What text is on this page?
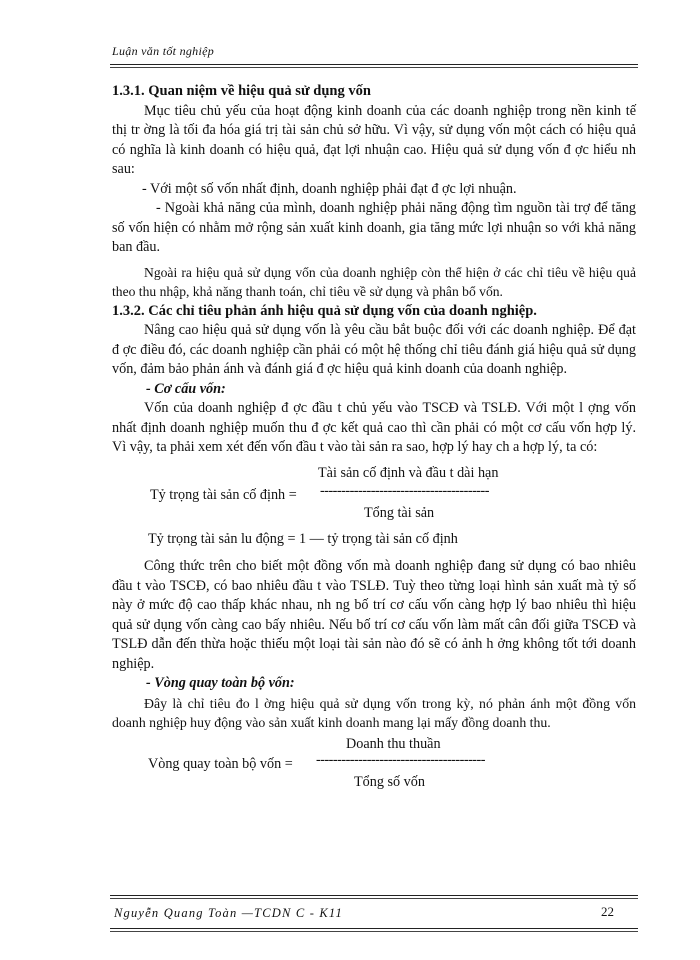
Luận văn tốt nghiệp

1.3.1. Quan niệm về hiệu quả sử dụng vốn

Mục tiêu chủ yếu của hoạt động kinh doanh của các doanh nghiệp trong nền kinh tế thị tr ờng là tối đa hóa giá trị tài sản chủ sở hữu. Vì vậy, sử dụng vốn một cách có hiệu quả có nghĩa là kinh doanh có hiệu quả, đạt lợi nhuận cao. Hiệu quả sử dụng vốn đ ợc hiểu nh sau:

- Với một số vốn nhất định, doanh nghiệp phải đạt đ ợc lợi nhuận.

- Ngoài khả năng của mình, doanh nghiệp phải năng động tìm nguồn tài trợ để tăng số vốn hiện có nhằm mở rộng sản xuất kinh doanh, gia tăng mức lợi nhuận so với khả năng ban đầu.

Ngoài ra hiệu quả sử dụng vốn của doanh nghiệp còn thể hiện ở các chỉ tiêu về hiệu quả theo thu nhập, khả năng thanh toán, chỉ tiêu về sử dụng và phân bổ vốn.

1.3.2. Các chỉ tiêu phản ánh hiệu quả sử dụng vốn của doanh nghiệp.

Nâng cao hiệu quả sử dụng vốn là yêu cầu bắt buộc đối với các doanh nghiệp. Để đạt đ ợc điều đó, các doanh nghiệp cần phải có một hệ thống chỉ tiêu đánh giá hiệu quả sử dụng vốn, đảm bảo phản ánh và đánh giá đ ợc hiệu quả kinh doanh của doanh nghiệp.

- Cơ cấu vốn:

Vốn của doanh nghiệp đ ợc đầu t chủ yếu vào TSCĐ và TSLĐ. Với một l ợng vốn nhất định doanh nghiệp muốn thu đ ợc kết quả cao thì cần phải có một cơ cấu vốn hợp lý. Vì vậy, ta phải xem xét đến vốn đầu t vào tài sản ra sao, hợp lý hay ch a hợp lý, ta có:

Tài sản cố định và đầu t dài hạn
Tỷ trọng tài sản cố định = ----------------------------------------
Tổng tài sản

Tỷ trọng tài sản lu động = 1 — tỷ trọng tài sản cố định

Công thức trên cho biết một đồng vốn mà doanh nghiệp đang sử dụng có bao nhiêu đầu t vào TSCĐ, có bao nhiêu đầu t vào TSLĐ. Tuỳ theo từng loại hình sản xuất mà tỷ số này ở mức độ cao thấp khác nhau, nh ng bố trí cơ cấu vốn càng hợp lý bao nhiêu thì hiệu quả sử dụng vốn càng cao bấy nhiêu. Nếu bố trí cơ cấu vốn làm mất cân đối giữa TSCĐ và TSLĐ dẫn đến thừa hoặc thiếu một loại tài sản nào đó sẽ có ảnh h ởng không tốt tới doanh nghiệp.

- Vòng quay toàn bộ vốn:

Đây là chỉ tiêu đo l ờng hiệu quả sử dụng vốn trong kỳ, nó phản ánh một đồng vốn doanh nghiệp huy động vào sản xuất kinh doanh mang lại mấy đồng doanh thu.

Doanh thu thuần
Vòng quay toàn bộ vốn = ----------------------------------------
Tổng số vốn
Nguyễn Quang Toàn —TCDN C - K11	22
